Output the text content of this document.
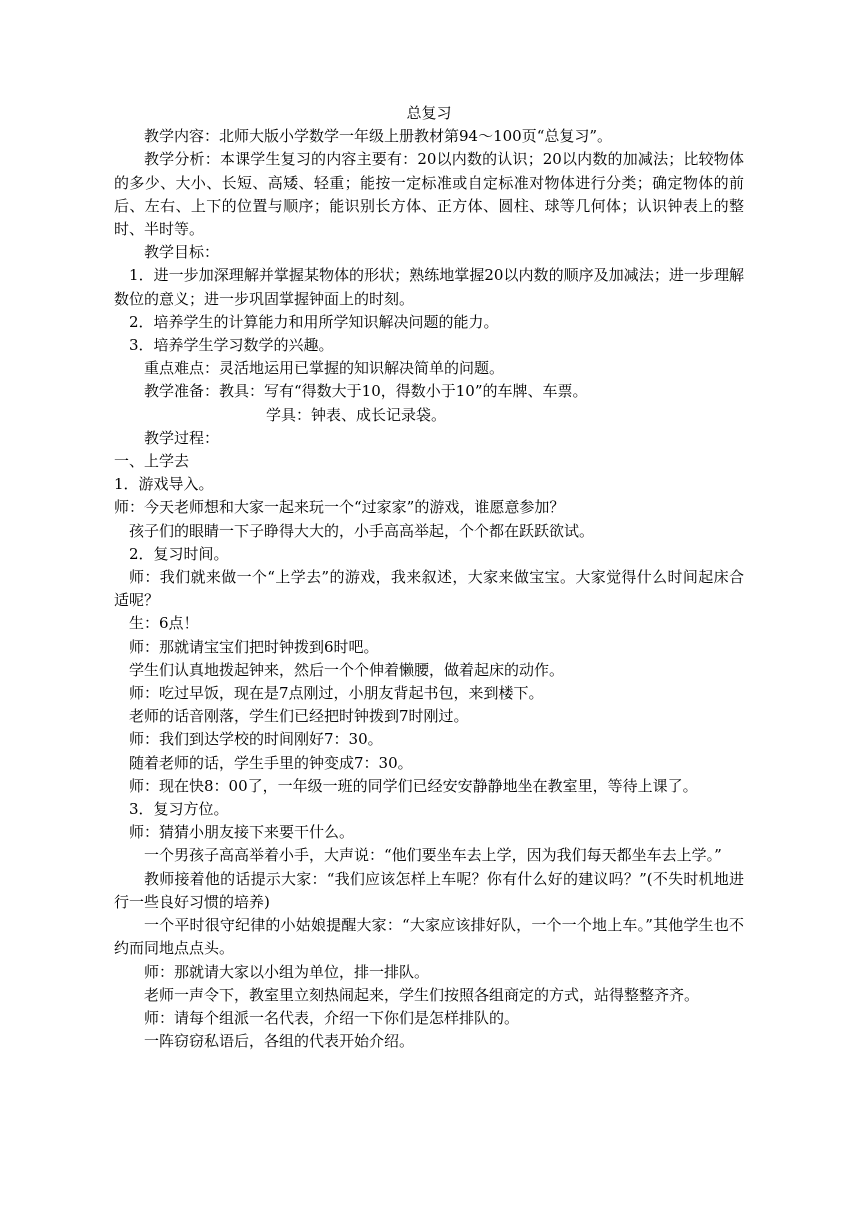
总复习

教学内容：北师大版小学数学一年级上册教材第94～100页“总复习”。

教学分析：本课学生复习的内容主要有：20以内数的认识；20以内数的加减法；比较物体的多少、大小、长短、高矮、轻重；能按一定标准或自定标准对物体进行分类；确定物体的前后、左右、上下的位置与顺序；能识别长方体、正方体、圆柱、球等几何体；认识钟表上的整时、半时等。

教学目标：

1．进一步加深理解并掌握某物体的形状；熟练地掌握20以内数的顺序及加减法；进一步理解数位的意义；进一步巩固掌握钟面上的时刻。

2．培养学生的计算能力和用所学知识解决问题的能力。

3．培养学生学习数学的兴趣。

重点难点：灵活地运用已掌握的知识解决简单的问题。

教学准备：教具：写有“得数大于10，得数小于10”的车牌、车票。

学具：钟表、成长记录袋。

教学过程：

一、上学去

1．游戏导入。

师：今天老师想和大家一起来玩一个“过家家”的游戏，谁愿意参加？

孩子们的眼睛一下子睁得大大的，小手高高举起，个个都在跃跃欲试。

2．复习时间。

师：我们就来做一个“上学去”的游戏，我来叙述，大家来做宝宝。大家觉得什么时间起床合适呢？

生：6点！

师：那就请宝宝们把时钟拨到6时吧。

学生们认真地拨起钟来，然后一个个伸着懒腰，做着起床的动作。

师：吃过早饭，现在是7点刚过，小朋友背起书包，来到楼下。

老师的话音刚落，学生们已经把时钟拨到7时刚过。

师：我们到达学校的时间刚好7：30。

随着老师的话，学生手里的钟变成7：30。

师：现在快8：00了，一年级一班的同学们已经安安静静地坐在教室里，等待上课了。

3．复习方位。

师：猜猜小朋友接下来要干什么。

一个男孩子高高举着小手，大声说：“他们要坐车去上学，因为我们每天都坐车去上学。”

教师接着他的话提示大家：“我们应该怎样上车呢？你有什么好的建议吗？”(不失时机地进行一些良好习惯的培养)

一个平时很守纪律的小姑娘提醒大家：“大家应该排好队，一个一个地上车。”其他学生也不约而同地点点头。

师：那就请大家以小组为单位，排一排队。

老师一声令下，教室里立刻热闹起来，学生们按照各组商定的方式，站得整整齐齐。

师：请每个组派一名代表，介绍一下你们是怎样排队的。

一阵窃窃私语后，各组的代表开始介绍。
